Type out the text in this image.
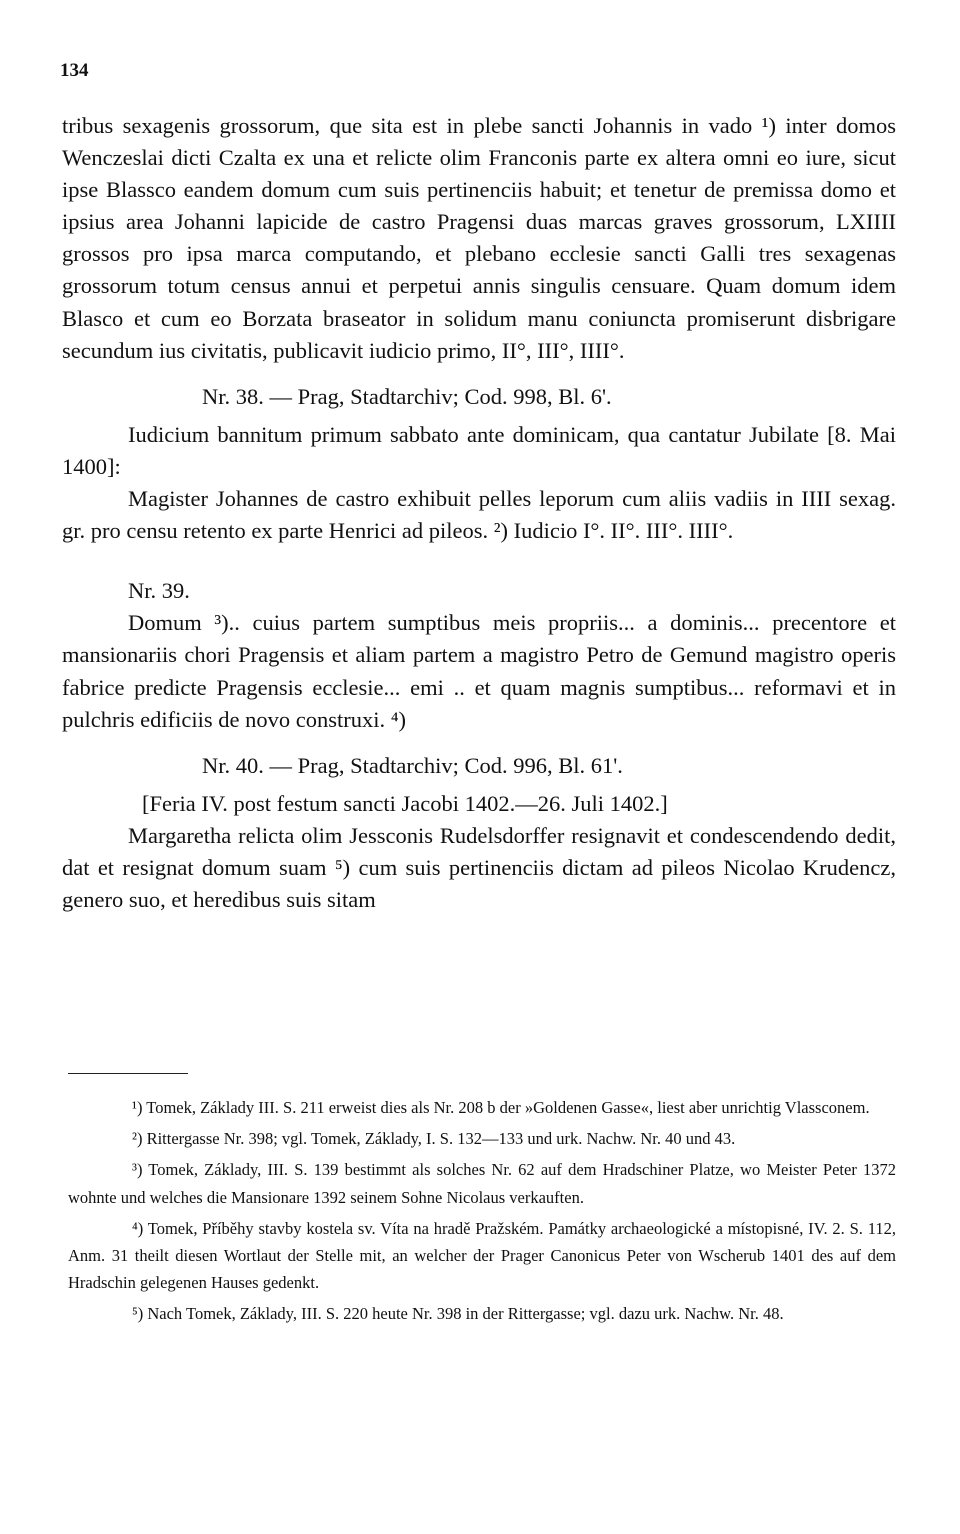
134

tribus sexagenis grossorum, que sita est in plebe sancti Johannis in vado ¹) inter domos Wenczeslai dicti Czalta ex una et relicte olim Franconis parte ex altera omni eo iure, sicut ipse Blassco eandem domum cum suis pertinenciis habuit; et tenetur de premissa domo et ipsius area Johanni lapicide de castro Pragensi duas marcas graves grossorum, LXIIII grossos pro ipsa marca computando, et plebano ecclesie sancti Galli tres sexagenas grossorum totum census annui et perpetui annis singulis censuare. Quam domum idem Blasco et cum eo Borzata braseator in solidum manu coniuncta promiserunt disbrigare secundum ius civitatis, publicavit iudicio primo, II°, III°, IIII°.

Nr. 38. — Prag, Stadtarchiv; Cod. 998, Bl. 6'.

Iudicium bannitum primum sabbato ante dominicam, qua cantatur Jubilate [8. Mai 1400]:

Magister Johannes de castro exhibuit pelles leporum cum aliis vadiis in IIII sexag. gr. pro censu retento ex parte Henrici ad pileos. ²) Iudicio I°. II°. III°. IIII°.

Nr. 39.

Domum ³).. cuius partem sumptibus meis propriis... a dominis... precentore et mansionariis chori Pragensis et aliam partem a magistro Petro de Gemund magistro operis fabrice predicte Pragensis ecclesie... emi .. et quam magnis sumptibus... reformavi et in pulchris edificiis de novo construxi. ⁴)

Nr. 40. — Prag, Stadtarchiv; Cod. 996, Bl. 61'.

[Feria IV. post festum sancti Jacobi 1402.—26. Juli 1402.]

Margaretha relicta olim Jessconis Rudelsdorffer resignavit et condescendendo dedit, dat et resignat domum suam ⁵) cum suis pertinenciis dictam ad pileos Nicolao Krudencz, genero suo, et heredibus suis sitam

¹) Tomek, Základy III. S. 211 erweist dies als Nr. 208 b der »Goldenen Gasse«, liest aber unrichtig Vlassconem.

²) Rittergasse Nr. 398; vgl. Tomek, Základy, I. S. 132—133 und urk. Nachw. Nr. 40 und 43.

³) Tomek, Základy, III. S. 139 bestimmt als solches Nr. 62 auf dem Hradschiner Platze, wo Meister Peter 1372 wohnte und welches die Mansionare 1392 seinem Sohne Nicolaus verkauften.

⁴) Tomek, Příběhy stavby kostela sv. Víta na hradě Pražském. Památky archaeologické a místopisné, IV. 2. S. 112, Anm. 31 theilt diesen Wortlaut der Stelle mit, an welcher der Prager Canonicus Peter von Wscherub 1401 des auf dem Hradschin gelegenen Hauses gedenkt.

⁵) Nach Tomek, Základy, III. S. 220 heute Nr. 398 in der Rittergasse; vgl. dazu urk. Nachw. Nr. 48.
